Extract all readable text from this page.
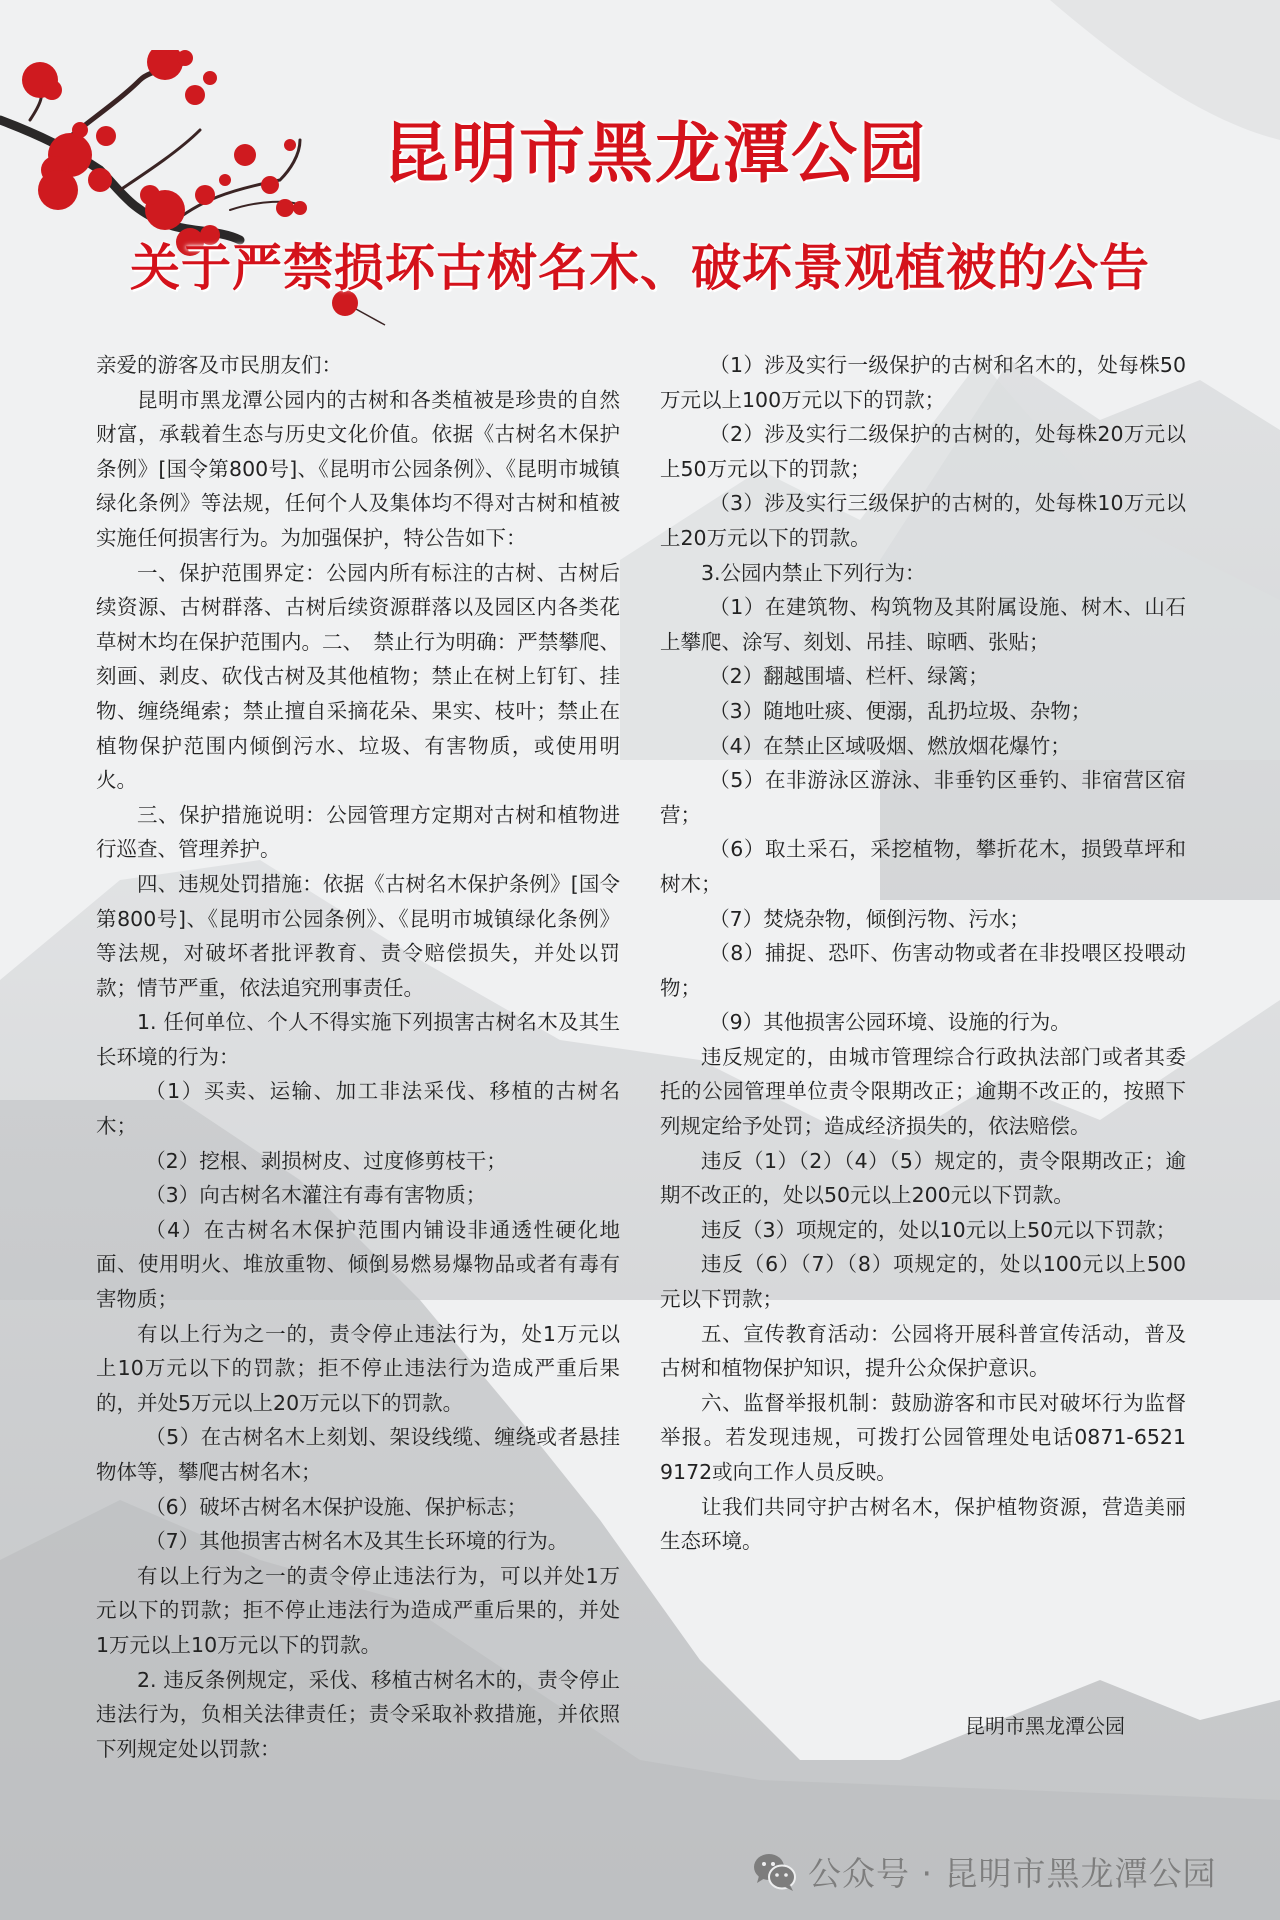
昆明市黑龙潭公园
关于严禁损坏古树名木、破坏景观植被的公告

亲爱的游客及市民朋友们：

昆明市黑龙潭公园内的古树和各类植被是珍贵的自然财富，承载着生态与历史文化价值。依据《古树名木保护条例》[国令第800号]、《昆明市公园条例》、《昆明市城镇绿化条例》等法规，任何个人及集体均不得对古树和植被实施任何损害行为。为加强保护，特公告如下：

一、保护范围界定：公园内所有标注的古树、古树后续资源、古树群落、古树后续资源群落以及园区内各类花草树木均在保护范围内。二、　禁止行为明确：严禁攀爬、刻画、剥皮、砍伐古树及其他植物；禁止在树上钉钉、挂物、缠绕绳索；禁止擅自采摘花朵、果实、枝叶；禁止在植物保护范围内倾倒污水、垃圾、有害物质，或使用明火。

三、保护措施说明：公园管理方定期对古树和植物进行巡查、管理养护。

四、违规处罚措施：依据《古树名木保护条例》[国令第800号]、《昆明市公园条例》、《昆明市城镇绿化条例》等法规，对破坏者批评教育、责令赔偿损失，并处以罚款；情节严重，依法追究刑事责任。

1. 任何单位、个人不得实施下列损害古树名木及其生长环境的行为：

（1）买卖、运输、加工非法采伐、移植的古树名木；

（2）挖根、剥损树皮、过度修剪枝干；

（3）向古树名木灌注有毒有害物质；

（4）在古树名木保护范围内铺设非通透性硬化地面、使用明火、堆放重物、倾倒易燃易爆物品或者有毒有害物质；

有以上行为之一的，责令停止违法行为，处1万元以上10万元以下的罚款；拒不停止违法行为造成严重后果的，并处5万元以上20万元以下的罚款。

（5）在古树名木上刻划、架设线缆、缠绕或者悬挂物体等，攀爬古树名木；

（6）破坏古树名木保护设施、保护标志；

（7）其他损害古树名木及其生长环境的行为。

有以上行为之一的责令停止违法行为，可以并处1万元以下的罚款；拒不停止违法行为造成严重后果的，并处1万元以上10万元以下的罚款。

2. 违反条例规定，采伐、移植古树名木的，责令停止违法行为，负相关法律责任；责令采取补救措施，并依照下列规定处以罚款：

（1）涉及实行一级保护的古树和名木的，处每株50万元以上100万元以下的罚款；

（2）涉及实行二级保护的古树的，处每株20万元以上50万元以下的罚款；

（3）涉及实行三级保护的古树的，处每株10万元以上20万元以下的罚款。

3.公园内禁止下列行为：

（1）在建筑物、构筑物及其附属设施、树木、山石上攀爬、涂写、刻划、吊挂、晾晒、张贴；

（2）翻越围墙、栏杆、绿篱；

（3）随地吐痰、便溺，乱扔垃圾、杂物；

（4）在禁止区域吸烟、燃放烟花爆竹；

（5）在非游泳区游泳、非垂钓区垂钓、非宿营区宿营；

（6）取土采石，采挖植物，攀折花木，损毁草坪和树木；

（7）焚烧杂物，倾倒污物、污水；

（8）捕捉、恐吓、伤害动物或者在非投喂区投喂动物；

（9）其他损害公园环境、设施的行为。

违反规定的，由城市管理综合行政执法部门或者其委托的公园管理单位责令限期改正；逾期不改正的，按照下列规定给予处罚；造成经济损失的，依法赔偿。

违反（1）（2）（4）（5）规定的，责令限期改正；逾期不改正的，处以50元以上200元以下罚款。

违反（3）项规定的，处以10元以上50元以下罚款；

违反（6）（7）（8）项规定的，处以100元以上500元以下罚款；

五、宣传教育活动：公园将开展科普宣传活动，普及古树和植物保护知识，提升公众保护意识。

六、监督举报机制：鼓励游客和市民对破坏行为监督举报。若发现违规，可拨打公园管理处电话0871-6521 9172或向工作人员反映。

让我们共同守护古树名木，保护植物资源，营造美丽生态环境。

昆明市黑龙潭公园
公众号 · 昆明市黑龙潭公园
